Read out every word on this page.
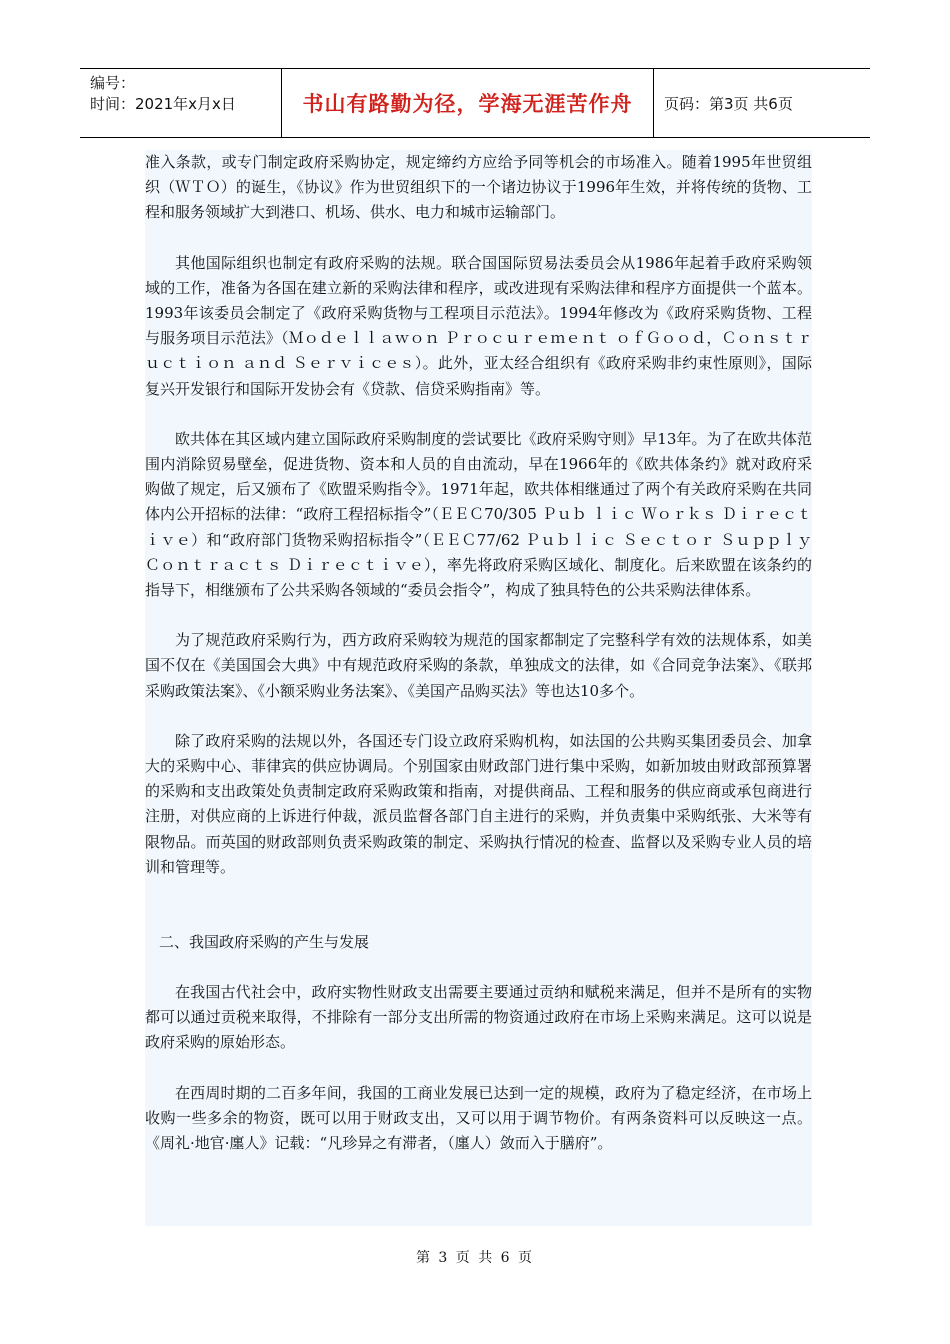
编号：
时间：2021年x月x日	书山有路勤为径，学海无涯苦作舟	页码：第3页 共6页

准入条款，或专门制定政府采购协定，规定缔约方应给予同等机会的市场准入。随着1995年世贸组织（ＷＴＯ）的诞生，《协议》作为世贸组织下的一个诸边协议于1996年生效，并将传统的货物、工程和服务领域扩大到港口、机场、供水、电力和城市运输部门。

其他国际组织也制定有政府采购的法规。联合国国际贸易法委员会从1986年起着手政府采购领域的工作，准备为各国在建立新的采购法律和程序，或改进现有采购法律和程序方面提供一个蓝本。1993年该委员会制定了《政府采购货物与工程项目示范法》。1994年修改为《政府采购货物、工程与服务项目示范法》（Ｍｏｄｅｌｌａｗｏｎ Ｐｒｏｃｕｒｅｍｅｎｔ ｏｆＧｏｏｄ，Ｃｏｎｓｔｒｕｃｔｉｏｎ ａｎｄ Ｓｅｒｖｉｃｅｓ）。此外，亚太经合组织有《政府采购非约束性原则》，国际复兴开发银行和国际开发协会有《贷款、信贷采购指南》等。

欧共体在其区域内建立国际政府采购制度的尝试要比《政府采购守则》早13年。为了在欧共体范围内消除贸易壁垒，促进货物、资本和人员的自由流动，早在1966年的《欧共体条约》就对政府采购做了规定，后又颁布了《欧盟采购指令》。1971年起，欧共体相继通过了两个有关政府采购在共同体内公开招标的法律：“政府工程招标指令”（ＥＥＣ70/305 Ｐｕｂ ｌｉｃ Ｗｏｒｋｓ Ｄｉｒｅｃｔｉｖｅ）和“政府部门货物采购招标指令”（ＥＥＣ77/62 Ｐｕｂｌｉｃ Ｓｅｃｔｏｒ Ｓｕｐｐｌｙ Ｃｏｎｔｒａｃｔｓ Ｄｉｒｅｃｔｉｖｅ），率先将政府采购区域化、制度化。后来欧盟在该条约的指导下，相继颁布了公共采购各领域的“委员会指令”，构成了独具特色的公共采购法律体系。

为了规范政府采购行为，西方政府采购较为规范的国家都制定了完整科学有效的法规体系，如美国不仅在《美国国会大典》中有规范政府采购的条款，单独成文的法律，如《合同竞争法案》、《联邦采购政策法案》、《小额采购业务法案》、《美国产品购买法》等也达10多个。

除了政府采购的法规以外，各国还专门设立政府采购机构，如法国的公共购买集团委员会、加拿大的采购中心、菲律宾的供应协调局。个别国家由财政部门进行集中采购，如新加坡由财政部预算署的采购和支出政策处负责制定政府采购政策和指南，对提供商品、工程和服务的供应商或承包商进行注册，对供应商的上诉进行仲裁，派员监督各部门自主进行的采购，并负责集中采购纸张、大米等有限物品。而英国的财政部则负责采购政策的制定、采购执行情况的检查、监督以及采购专业人员的培训和管理等。

二、我国政府采购的产生与发展

在我国古代社会中，政府实物性财政支出需要主要通过贡纳和赋税来满足，但并不是所有的实物都可以通过贡税来取得，不排除有一部分支出所需的物资通过政府在市场上采购来满足。这可以说是政府采购的原始形态。

在西周时期的二百多年间，我国的工商业发展已达到一定的规模，政府为了稳定经济，在市场上收购一些多余的物资，既可以用于财政支出，又可以用于调节物价。有两条资料可以反映这一点。《周礼·地官·廛人》记载：“凡珍异之有滞者，（廛人）敛而入于膳府”。

第 3 页 共 6 页
